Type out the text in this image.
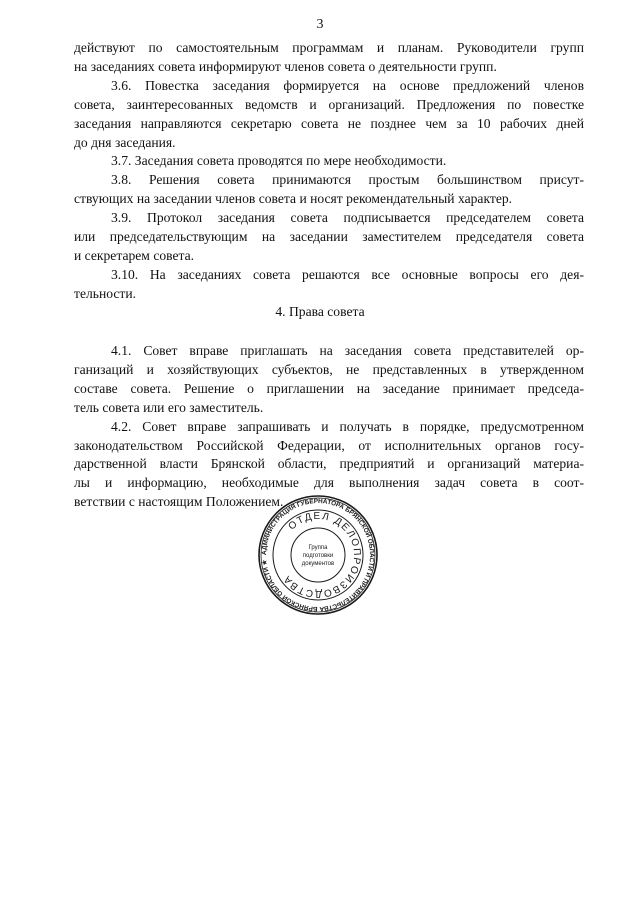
3
действуют по самостоятельным программам и планам. Руководители групп
на заседаниях совета информируют членов совета о деятельности групп.
3.6. Повестка заседания формируется на основе предложений членов
совета, заинтересованных ведомств и организаций. Предложения по повестке
заседания направляются секретарю совета не позднее чем за 10 рабочих дней
до дня заседания.
3.7. Заседания совета проводятся по мере необходимости.
3.8. Решения совета принимаются простым большинством присут-
ствующих на заседании членов совета и носят рекомендательный характер.
3.9. Протокол заседания совета подписывается председателем совета
или председательствующим на заседании заместителем председателя совета
и секретарем совета.
3.10. На заседаниях совета решаются все основные вопросы его дея-
тельности.
4. Права совета
4.1. Совет вправе приглашать на заседания совета представителей ор-
ганизаций и хозяйствующих субъектов, не представленных в утвержденном
составе совета. Решение о приглашении на заседание принимает председа-
тель совета или его заместитель.
4.2. Совет вправе запрашивать и получать в порядке, предусмотренном
законодательством Российской Федерации, от исполнительных органов госу-
дарственной власти Брянской области, предприятий и организаций материа-
лы и информацию, необходимые для выполнения задач совета в соот-
ветствии с настоящим Положением.
АДМИНИСТРАЦИЯ ГУБЕРНАТОРА БРЯНСКОЙ ОБЛАСТИ И ПРАВИТЕЛЬСТВА БРЯНСКОЙ ОБЛАСТИ ★
ОТДЕЛ ДЕЛОПРОИЗВОДСТВА
Группа
подготовки
документов
